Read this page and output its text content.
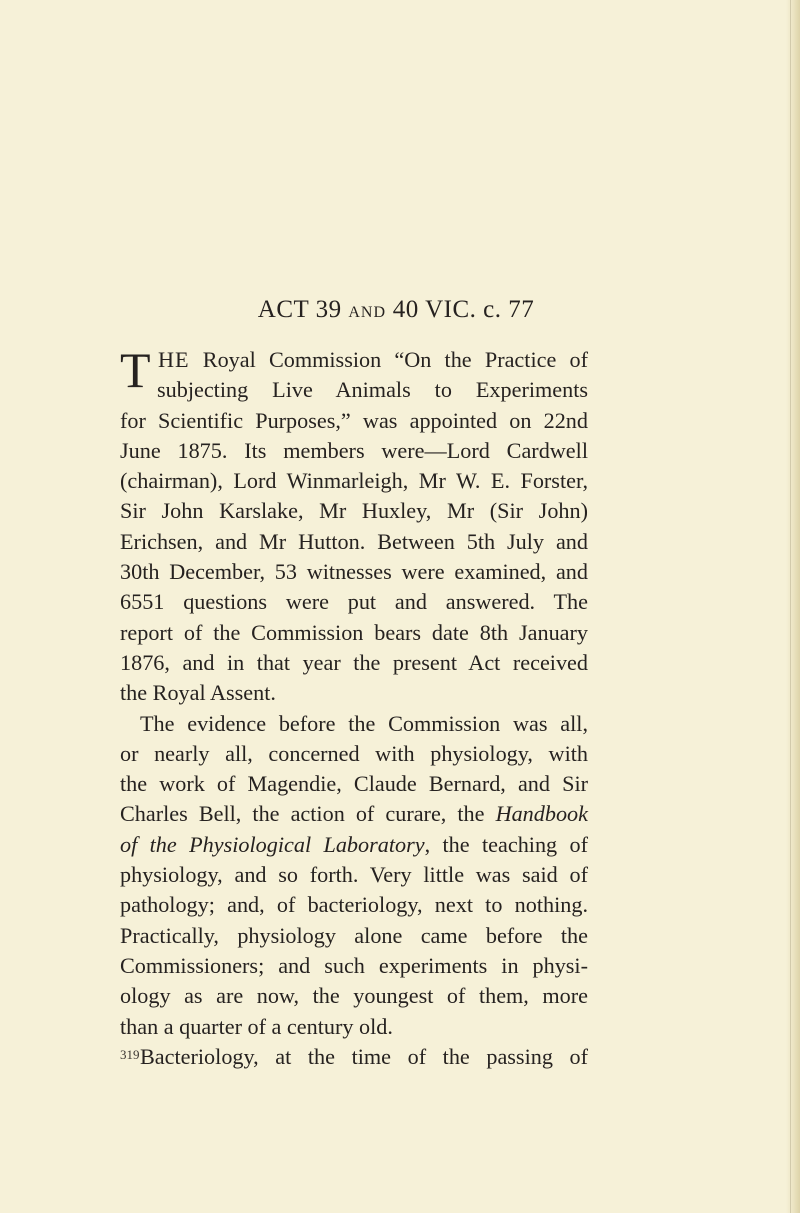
ACT 39 AND 40 VIC. c. 77
T HE Royal Commission “On the Practice of
subjecting Live Animals to Experiments
for Scientific Purposes,” was appointed on 22nd
June 1875. Its members were—Lord Cardwell
(chairman), Lord Winmarleigh, Mr W. E. Forster,
Sir John Karslake, Mr Huxley, Mr (Sir John)
Erichsen, and Mr Hutton. Between 5th July and
30th December, 53 witnesses were examined, and
6551 questions were put and answered. The
report of the Commission bears date 8th January
1876, and in that year the present Act received
the Royal Assent.
The evidence before the Commission was all,
or nearly all, concerned with physiology, with
the work of Magendie, Claude Bernard, and Sir
Charles Bell, the action of curare, the Handbook
of the Physiological Laboratory, the teaching of
physiology, and so forth. Very little was said of
pathology; and, of bacteriology, next to nothing.
Practically, physiology alone came before the
Commissioners; and such experiments in physi-
ology as are now, the youngest of them, more
than a quarter of a century old.
Bacteriology, at the time of the passing of
319
